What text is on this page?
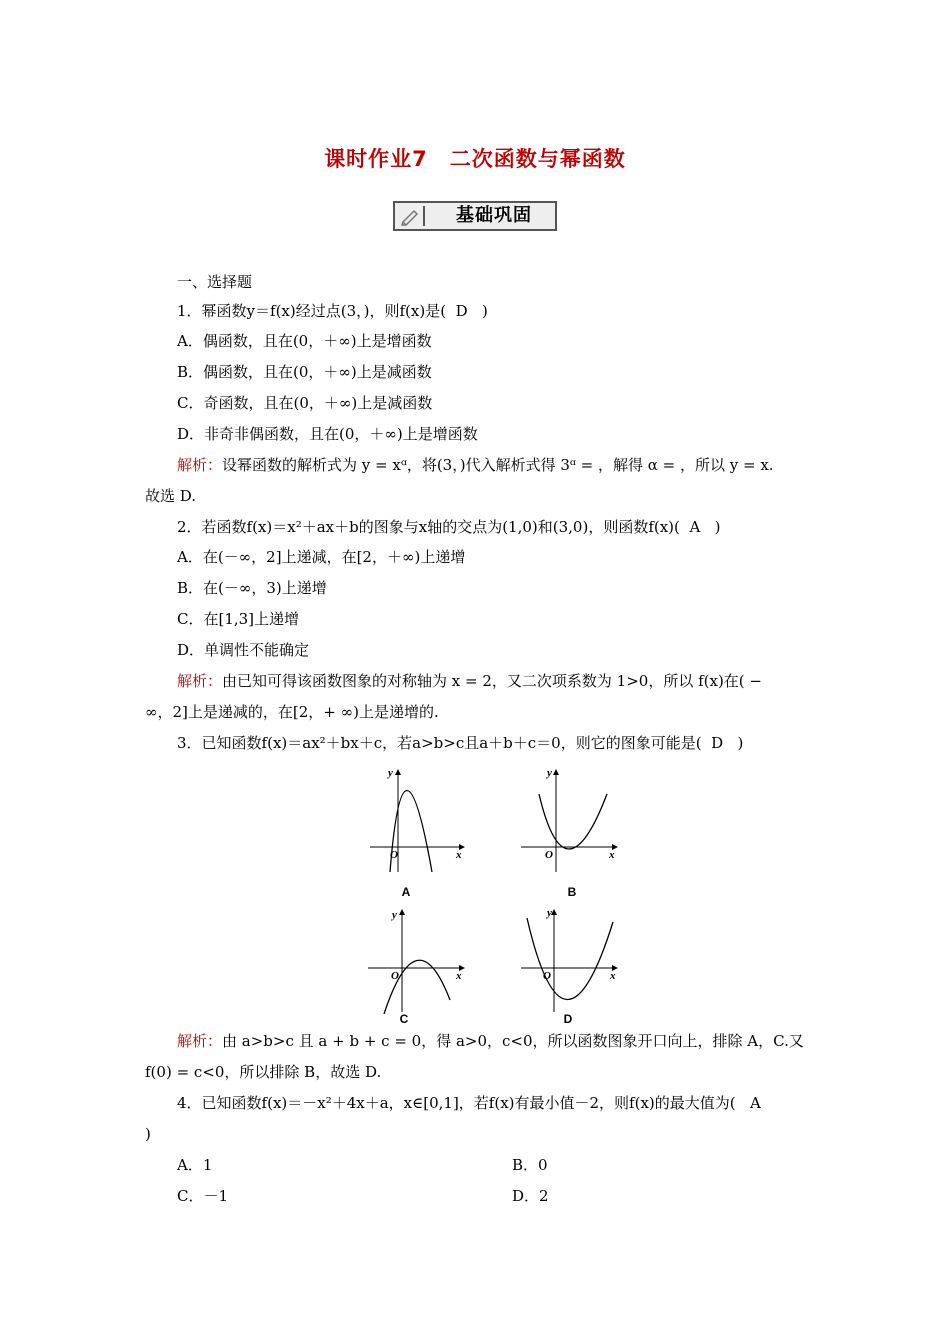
课时作业7　二次函数与幂函数
基础巩固
一、选择题
1．幂函数y＝f(x)经过点(3，)，则f(x)是( D )
A．偶函数，且在(0，＋∞)上是增函数
B．偶函数，且在(0，＋∞)上是减函数
C．奇函数，且在(0，＋∞)上是减函数
D．非奇非偶函数，且在(0，＋∞)上是增函数
解析：设幂函数的解析式为 y = xᵅ，将(3，)代入解析式得 3ᵅ = ，解得 α = ，所以 y = x.
故选 D.
2．若函数f(x)＝x²＋ax＋b的图象与x轴的交点为(1,0)和(3,0)，则函数f(x)( A )
A．在(－∞，2]上递减，在[2，＋∞)上递增
B．在(－∞，3)上递增
C．在[1,3]上递增
D．单调性不能确定
解析：由已知可得该函数图象的对称轴为 x = 2，又二次项系数为 1>0，所以 f(x)在( −
∞，2]上是递减的，在[2，+ ∞)上是递增的.
3．已知函数f(x)＝ax²＋bx＋c，若a>b>c且a＋b＋c＝0，则它的图象可能是( D )
y
x
O
A
y
x
O
B
y
x
O
C
y
x
O
D
解析：由 a>b>c 且 a + b + c = 0，得 a>0，c<0，所以函数图象开口向上，排除 A，C.又
f(0) = c<0，所以排除 B，故选 D.
4．已知函数f(x)＝－x²＋4x＋a，x∈[0,1]，若f(x)有最小值－2，则f(x)的最大值为( A
)
A．1	B．0
C．－1	D．2
